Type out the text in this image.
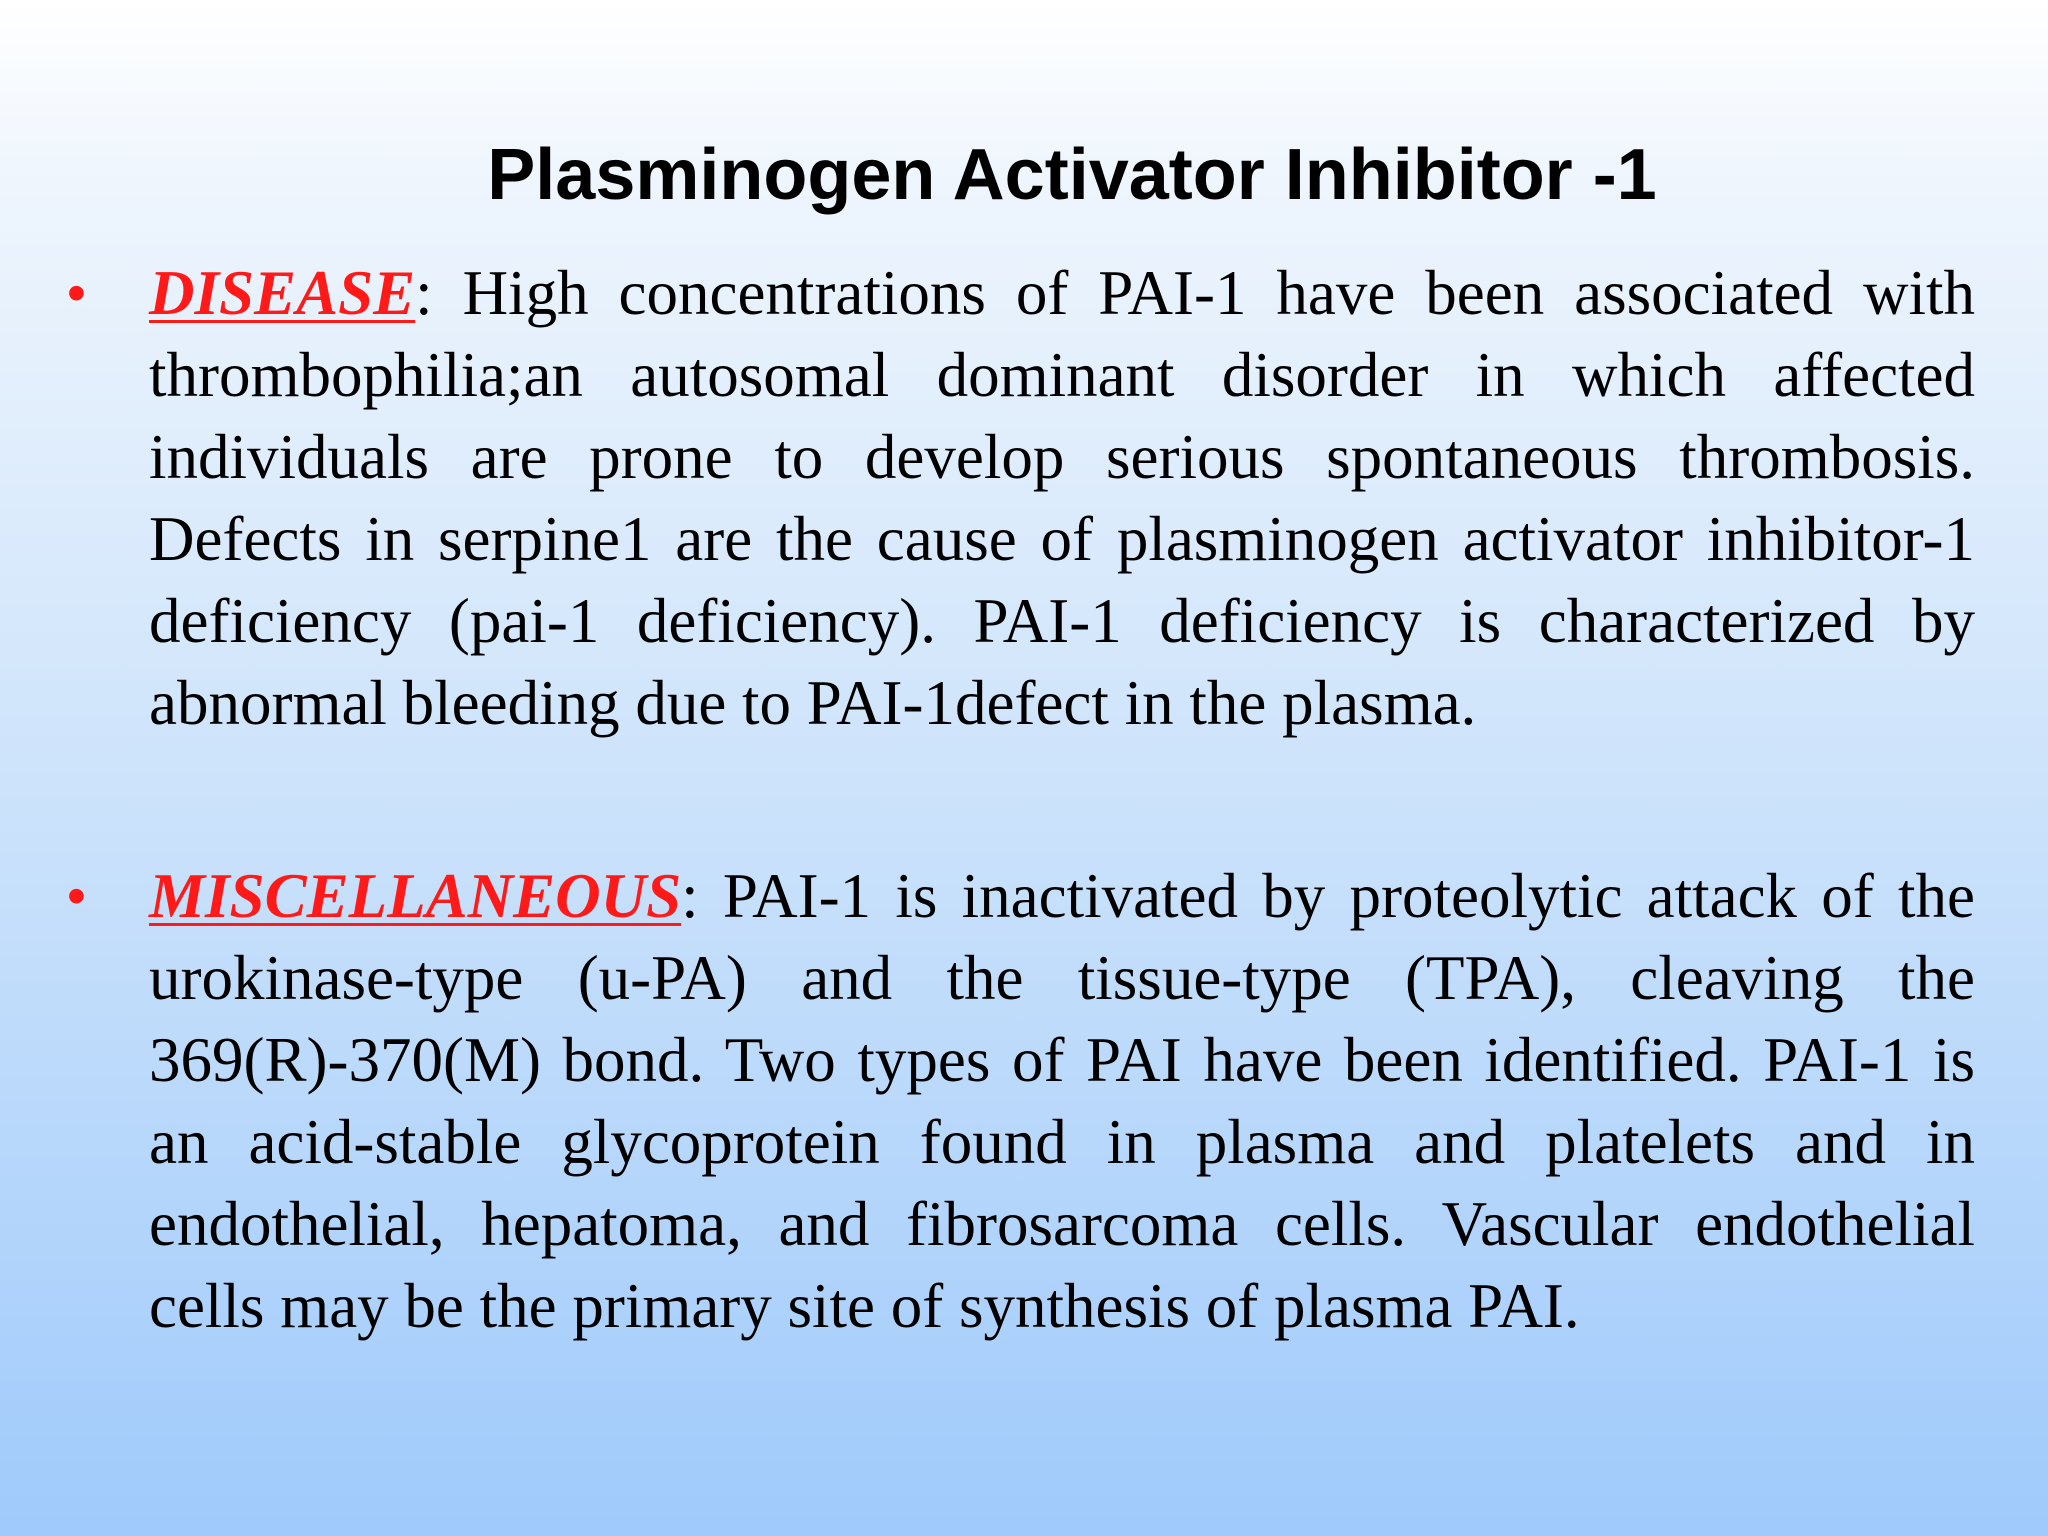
Plasminogen Activator Inhibitor -1
• DISEASE: High concentrations of PAI-1 have been associated with thrombophilia;an autosomal dominant disorder in which affected individuals are prone to develop serious spontaneous thrombosis. Defects in serpine1 are the cause of plasminogen activator inhibitor-1 deficiency (pai-1 deficiency). PAI-1 deficiency is characterized by abnormal bleeding due to PAI-1defect in the plasma.
• MISCELLANEOUS: PAI-1 is inactivated by proteolytic attack of the urokinase-type (u-PA) and the tissue-type (TPA), cleaving the 369(R)-370(M) bond. Two types of PAI have been identified. PAI-1 is an acid-stable glycoprotein found in plasma and platelets and in endothelial, hepatoma, and fibrosarcoma cells. Vascular endothelial cells may be the primary site of synthesis of plasma PAI.
